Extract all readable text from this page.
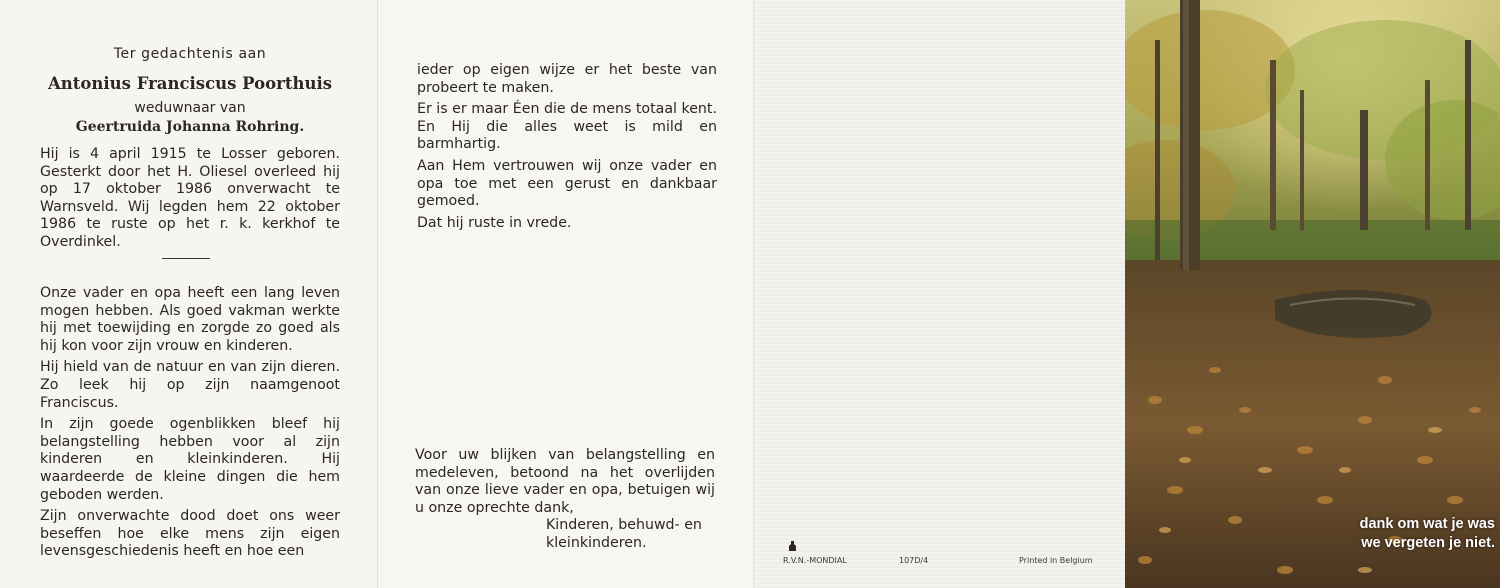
Ter gedachtenis aan
Antonius Franciscus Poorthuis
weduwnaar van
Geertruida Johanna Rohring.

Hij is 4 april 1915 te Losser geboren. Gesterkt door het H. Oliesel overleed hij op 17 oktober 1986 onverwacht te Warnsveld. Wij legden hem 22 oktober 1986 te ruste op het r. k. kerkhof te Overdinkel.

Onze vader en opa heeft een lang leven mogen hebben. Als goed vakman werkte hij met toewijding en zorgde zo goed als hij kon voor zijn vrouw en kinderen.

Hij hield van de natuur en van zijn dieren. Zo leek hij op zijn naamgenoot Franciscus.

In zijn goede ogenblikken bleef hij belangstelling hebben voor al zijn kinderen en kleinkinderen. Hij waardeerde de kleine dingen die hem geboden werden.

Zijn onverwachte dood doet ons weer beseffen hoe elke mens zijn eigen levensgeschiedenis heeft en hoe een

ieder op eigen wijze er het beste van probeert te maken.

Er is er maar Éen die de mens totaal kent. En Hij die alles weet is mild en barmhartig.

Aan Hem vertrouwen wij onze vader en opa toe met een gerust en dankbaar gemoed.

Dat hij ruste in vrede.

Voor uw blijken van belangstelling en medeleven, betoond na het overlijden van onze lieve vader en opa, betuigen wij u onze oprechte dank,

Kinderen, behuwd- en
kleinkinderen.
R.V.N.-MONDIAL	107D/4	Printed in Belgium
dank om wat je was
we vergeten je niet.
